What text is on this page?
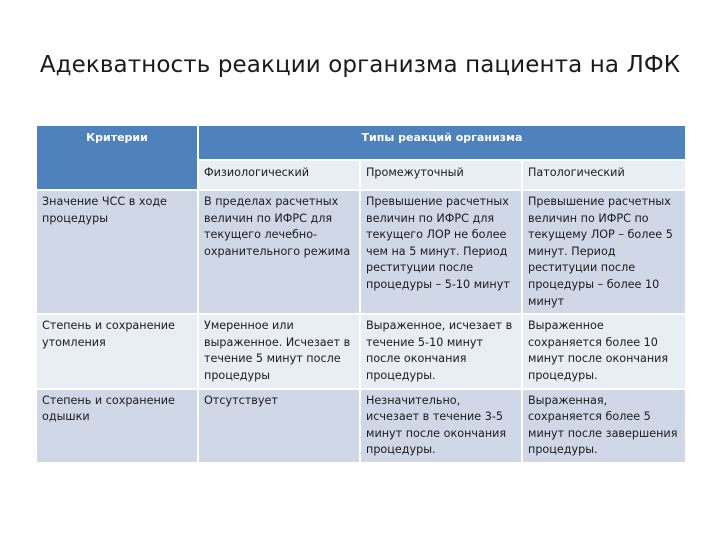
Адекватность реакции организма пациента на ЛФК
Критерии	Типы реакций организма		
	Физиологический	Промежуточный	Патологический
Значение ЧСС в ходе процедуры	В пределах расчетных величин по ИФРС для текущего лечебно-охранительного режима	Превышение расчетных величин по ИФРС для текущего ЛОР не более чем на 5 минут. Период реституции после процедуры – 5-10 минут	Превышение расчетных величин по ИФРС по текущему ЛОР – более 5 минут. Период реституции после процедуры – более 10 минут
Степень и сохранение утомления	Умеренное или выраженное. Исчезает в течение 5 минут после процедуры	Выраженное, исчезает в течение 5-10 минут после окончания процедуры.	Выраженное сохраняется более 10 минут после окончания процедуры.
Степень и сохранение одышки	Отсутствует	Незначительно, исчезает в течение 3-5 минут после окончания процедуры.	Выраженная, сохраняется более 5 минут после завершения процедуры.
